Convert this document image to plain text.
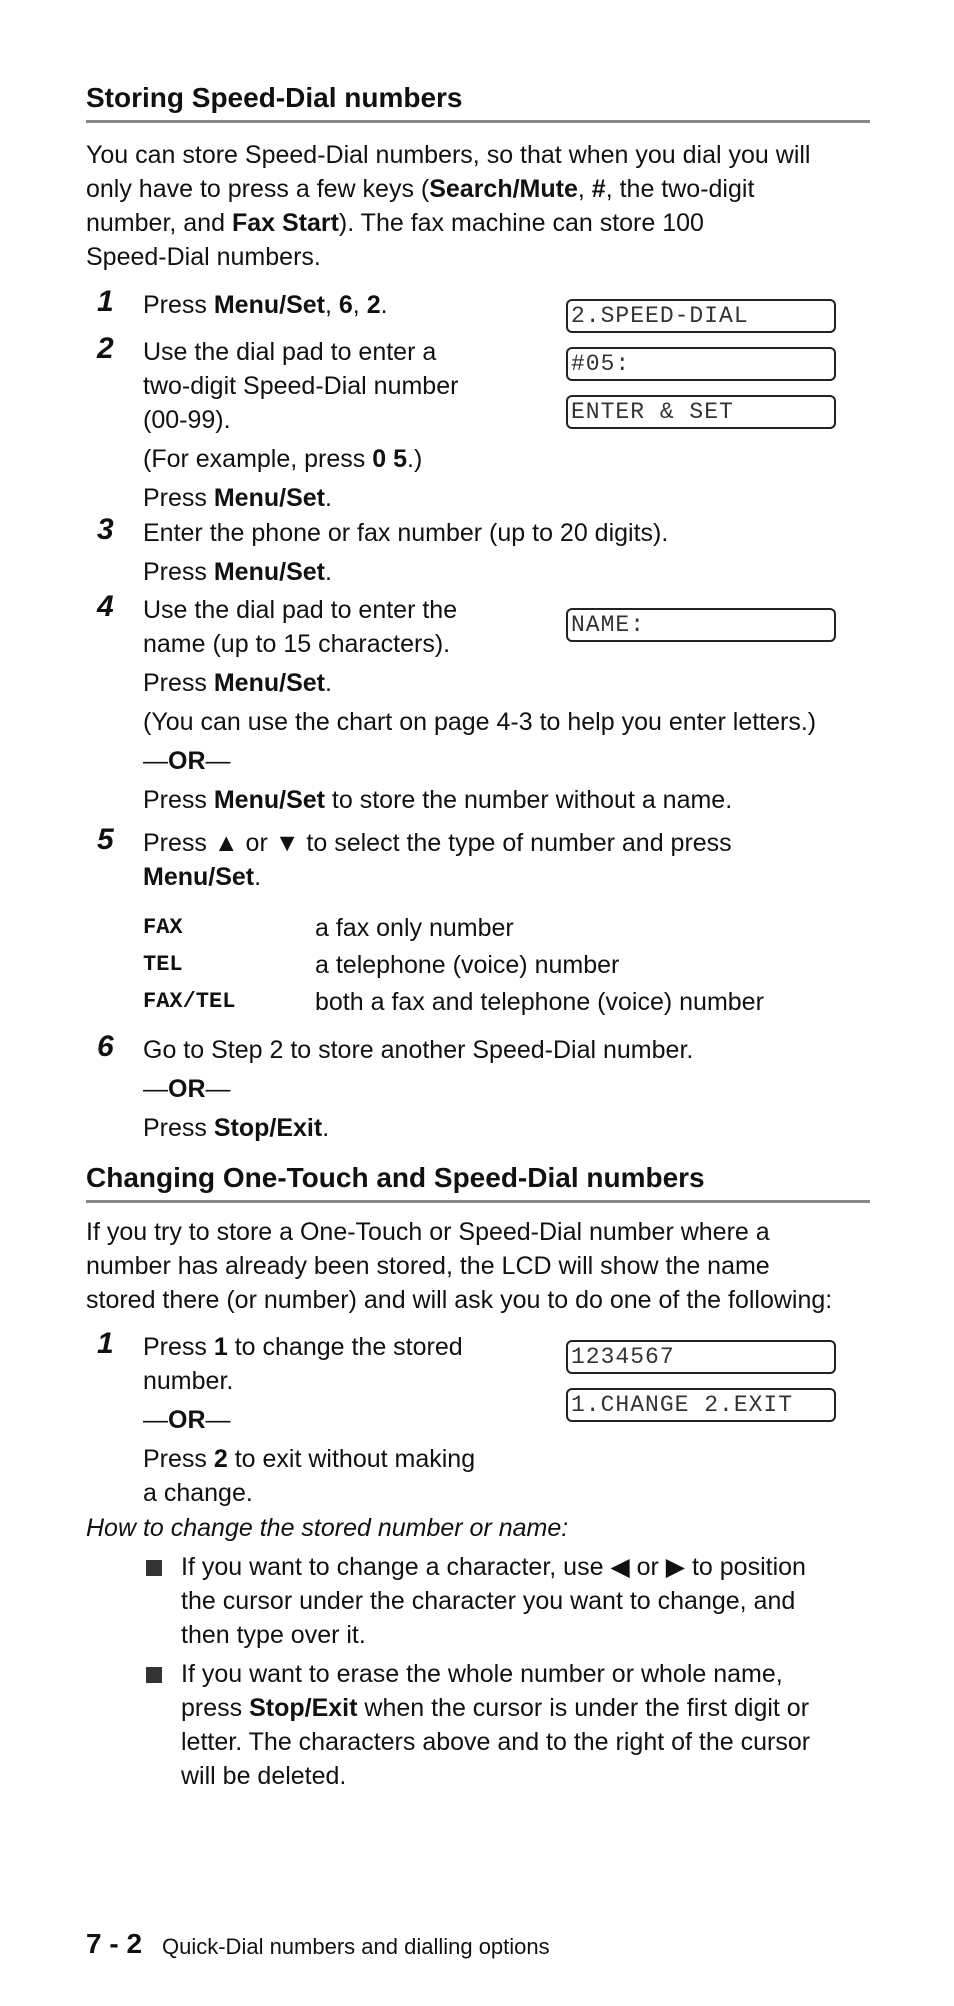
Storing Speed-Dial numbers
You can store Speed-Dial numbers, so that when you dial you will
only have to press a few keys (Search/Mute, #, the two-digit
number, and Fax Start). The fax machine can store 100
Speed-Dial numbers.
1 Press Menu/Set, 6, 2.	2.SPEED-DIAL
#05:
ENTER & SET
2 Use the dial pad to enter a
two-digit Speed-Dial number
(00-99).
(For example, press 0 5.)
Press Menu/Set.
3 Enter the phone or fax number (up to 20 digits).
Press Menu/Set.
4
NAME:
Use the dial pad to enter the
name (up to 15 characters).
Press Menu/Set.
(You can use the chart on page 4-3 to help you enter letters.)
—OR—
Press Menu/Set to store the number without a name.
5 Press ▲ or ▼ to select the type of number and press
Menu/Set.
FAX	a fax only number
TEL	a telephone (voice) number
FAX/TEL	both a fax and telephone (voice) number
6 Go to Step 2 to store another Speed-Dial number.
—OR—
Press Stop/Exit.
Changing One-Touch and Speed-Dial numbers
If you try to store a One-Touch or Speed-Dial number where a
number has already been stored, the LCD will show the name
stored there (or number) and will ask you to do one of the following:
1	1234567
1.CHANGE 2.EXIT
Press 1 to change the stored
number.
—OR—
Press 2 to exit without making
a change.
How to change the stored number or name:
If you want to change a character, use ◀ or ▶ to position
the cursor under the character you want to change, and
then type over it.
If you want to erase the whole number or whole name,
press Stop/Exit when the cursor is under the first digit or
letter. The characters above and to the right of the cursor
will be deleted.
7 - 2 Quick-Dial numbers and dialling options
